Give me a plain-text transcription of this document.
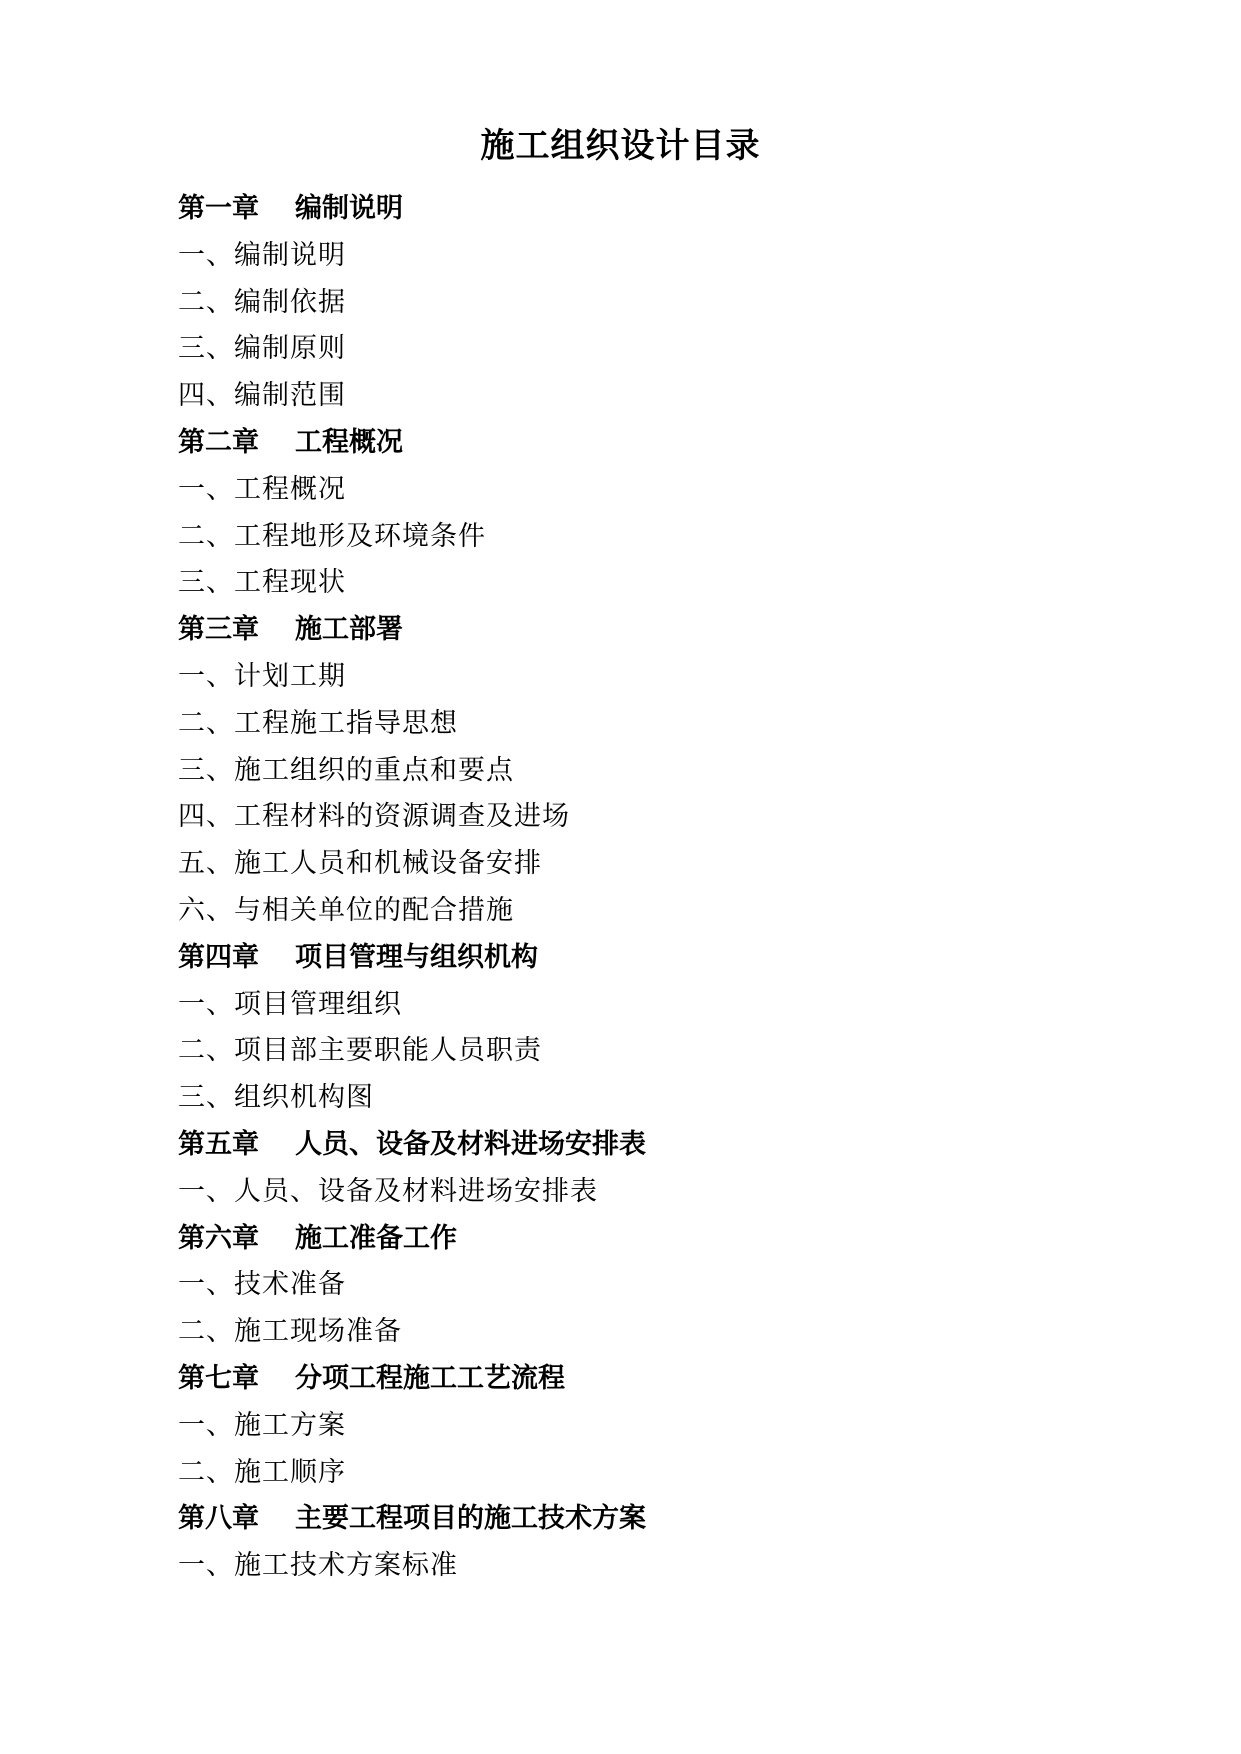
施工组织设计目录
第一章 编制说明
一、编制说明
二、编制依据
三、编制原则
四、编制范围
第二章 工程概况
一、工程概况
二、工程地形及环境条件
三、工程现状
第三章 施工部署
一、计划工期
二、工程施工指导思想
三、施工组织的重点和要点
四、工程材料的资源调查及进场
五、施工人员和机械设备安排
六、与相关单位的配合措施
第四章 项目管理与组织机构
一、项目管理组织
二、项目部主要职能人员职责
三、组织机构图
第五章 人员、设备及材料进场安排表
一、人员、设备及材料进场安排表
第六章 施工准备工作
一、技术准备
二、施工现场准备
第七章 分项工程施工工艺流程
一、施工方案
二、施工顺序
第八章 主要工程项目的施工技术方案
一、施工技术方案标准
